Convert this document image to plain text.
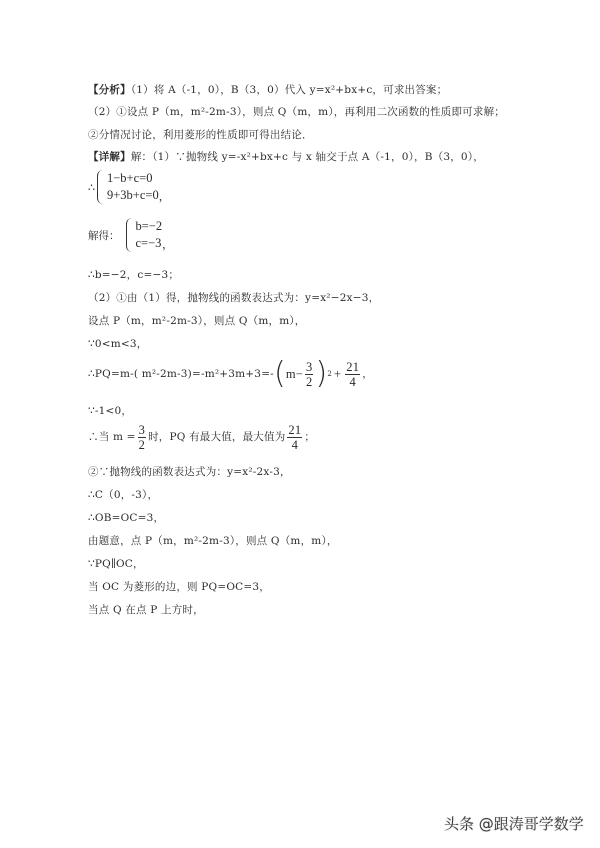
【分析】（1）将 A（-1，0），B（3，0）代入 y=x²+bx+c，可求出答案；
（2）①设点 P（m，m²-2m-3），则点 Q（m，m），再利用二次函数的性质即可求解；
②分情况讨论，利用菱形的性质即可得出结论．
【详解】解：（1）∵抛物线 y=-x²+bx+c 与 x 轴交于点 A（-1，0），B（3，0），
∴
1−b+c=0
9+3b+c=0 ，
解得：
b=−2
c=−3 ，
∴b=−2，c=−3；
（2）①由（1）得，抛物线的函数表达式为：y=x²−2x−3，
设点 P（m，m²-2m-3），则点 Q（m，m），
∵0<m<3，
∴PQ=m-( m²-2m-3)=-m²+3m+3=- ( $m- \frac{3}{2}$ ) $2 + \frac{21}{4}$ ，
∵-1<0，
∴当 $m = \frac{3}{2}$ 时，PQ 有最大值，最大值为 $\frac{21}{4}$ ；
②∵抛物线的函数表达式为：y=x²-2x-3，
∴C（0，-3），
∴OB=OC=3，
由题意，点 P（m，m²-2m-3），则点 Q（m，m），
∵PQ∥OC，
当 OC 为菱形的边，则 PQ=OC=3，
当点 Q 在点 P 上方时，
头条 @跟涛哥学数学
